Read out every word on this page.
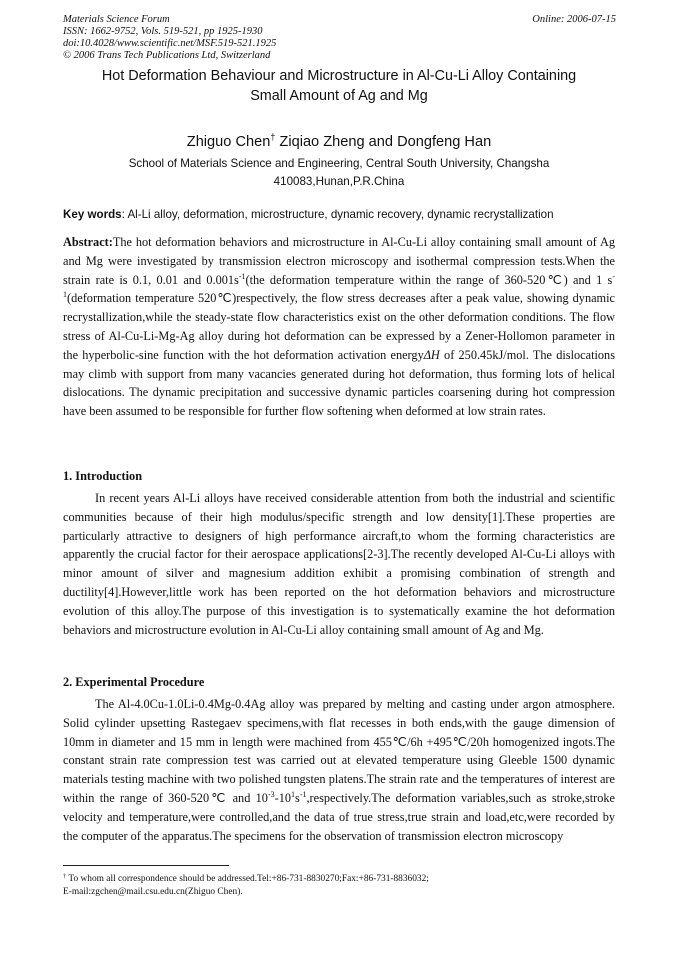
Materials Science Forum
ISSN: 1662-9752, Vols. 519-521, pp 1925-1930
doi:10.4028/www.scientific.net/MSF.519-521.1925
© 2006 Trans Tech Publications Ltd, Switzerland
Online: 2006-07-15
Hot Deformation Behaviour and Microstructure in Al-Cu-Li Alloy Containing
Small Amount of Ag and Mg
Zhiguo Chen† Ziqiao Zheng and Dongfeng Han
School of Materials Science and Engineering, Central South University, Changsha
410083,Hunan,P.R.China
Key words: Al-Li alloy, deformation, microstructure, dynamic recovery, dynamic recrystallization
Abstract:The hot deformation behaviors and microstructure in Al-Cu-Li alloy containing small amount of Ag and Mg were investigated by transmission electron microscopy and isothermal compression tests.When the strain rate is 0.1, 0.01 and $0.001s^{-1}(the$ deformation temperature within the range of 360-520℃) and 1 $s^{-1}(deformation$ temperature 520℃)respectively, the flow stress decreases after a peak value, showing dynamic recrystallization,while the steady-state flow characteristics exist on the other deformation conditions. The flow stress of Al-Cu-Li-Mg-Ag alloy during hot deformation can be expressed by a Zener-Hollomon parameter in the hyperbolic-sine function with the hot deformation activation energyΔH of 250.45kJ/mol. The dislocations may climb with support from many vacancies generated during hot deformation, thus forming lots of helical dislocations. The dynamic precipitation and successive dynamic particles coarsening during hot compression have been assumed to be responsible for further flow softening when deformed at low strain rates.
1. Introduction
In recent years Al-Li alloys have received considerable attention from both the industrial and scientific communities because of their high modulus/specific strength and low density[1].These properties are particularly attractive to designers of high performance aircraft,to whom the forming characteristics are apparently the crucial factor for their aerospace applications[2-3].The recently developed Al-Cu-Li alloys with minor amount of silver and magnesium addition exhibit a promising combination of strength and ductility[4].However,little work has been reported on the hot deformation behaviors and microstructure evolution of this alloy.The purpose of this investigation is to systematically examine the hot deformation behaviors and microstructure evolution in Al-Cu-Li alloy containing small amount of Ag and Mg.
2. Experimental Procedure
The Al-4.0Cu-1.0Li-0.4Mg-0.4Ag alloy was prepared by melting and casting under argon atmosphere. Solid cylinder upsetting Rastegaev specimens,with flat recesses in both ends,with the gauge dimension of 10mm in diameter and 15 mm in length were machined from 455℃/6h +495℃/20h homogenized ingots.The constant strain rate compression test was carried out at elevated temperature using Gleeble 1500 dynamic materials testing machine with two polished tungsten platens.The strain rate and the temperatures of interest are within the range of 360-520℃ and $10^{-3}-10^1s^{-1},respectively.The$ deformation variables,such as stroke,stroke velocity and temperature,were controlled,and the data of true stress,true strain and load,etc,were recorded by the computer of the apparatus.The specimens for the observation of transmission electron microscopy
† To whom all correspondence should be addressed.Tel:+86-731-8830270;Fax:+86-731-8836032;
E-mail:zgchen@mail.csu.edu.cn(Zhiguo Chen).
